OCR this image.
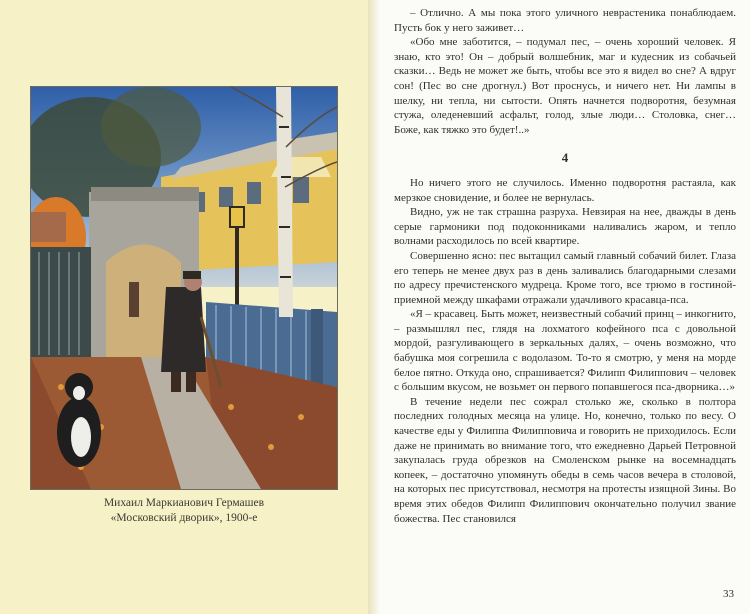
Михаил Маркианович Гермашев
«Московский дворик», 1900-е

– Отлично. А мы пока этого уличного неврастеника понаблюдаем. Пусть бок у него заживет…

«Обо мне заботится, – подумал пес, – очень хороший человек. Я знаю, кто это! Он – добрый волшебник, маг и кудесник из собачьей сказки… Ведь не может же быть, чтобы все это я видел во сне? А вдруг сон! (Пес во сне дрогнул.) Вот проснусь, и ничего нет. Ни лампы в шелку, ни тепла, ни сытости. Опять начнется подворотня, безумная стужа, оледеневший асфальт, голод, злые люди… Столовка, снег… Боже, как тяжко это будет!..»

4

Но ничего этого не случилось. Именно подворотня растаяла, как мерзкое сновидение, и более не вернулась.

Видно, уж не так страшна разруха. Невзирая на нее, дважды в день серые гармоники под подоконниками наливались жаром, и тепло волнами расходилось по всей квартире.

Совершенно ясно: пес вытащил самый главный собачий билет. Глаза его теперь не менее двух раз в день заливались благодарными слезами по адресу пречистенского мудреца. Кроме того, все трюмо в гостиной-приемной между шкафами отражали удачливого красавца-пса.

«Я – красавец. Быть может, неизвестный собачий принц – инкогнито, – размышлял пес, глядя на лохматого кофейного пса с довольной мордой, разгуливающего в зеркальных далях, – очень возможно, что бабушка моя согрешила с водолазом. То-то я смотрю, у меня на морде белое пятно. Откуда оно, спрашивается? Филипп Филиппович – человек с большим вкусом, не возьмет он первого попавшегося пса-дворника…»

В течение недели пес сожрал столько же, сколько в полтора последних голодных месяца на улице. Но, конечно, только по весу. О качестве еды у Филиппа Филипповича и говорить не приходилось. Если даже не принимать во внимание того, что ежедневно Дарьей Петровной закупалась груда обрезков на Смоленском рынке на восемнадцать копеек, – достаточно упомянуть обеды в семь часов вечера в столовой, на которых пес присутствовал, несмотря на протесты изящной Зины. Во время этих обедов Филипп Филиппович окончательно получил звание божества. Пес становился

33
